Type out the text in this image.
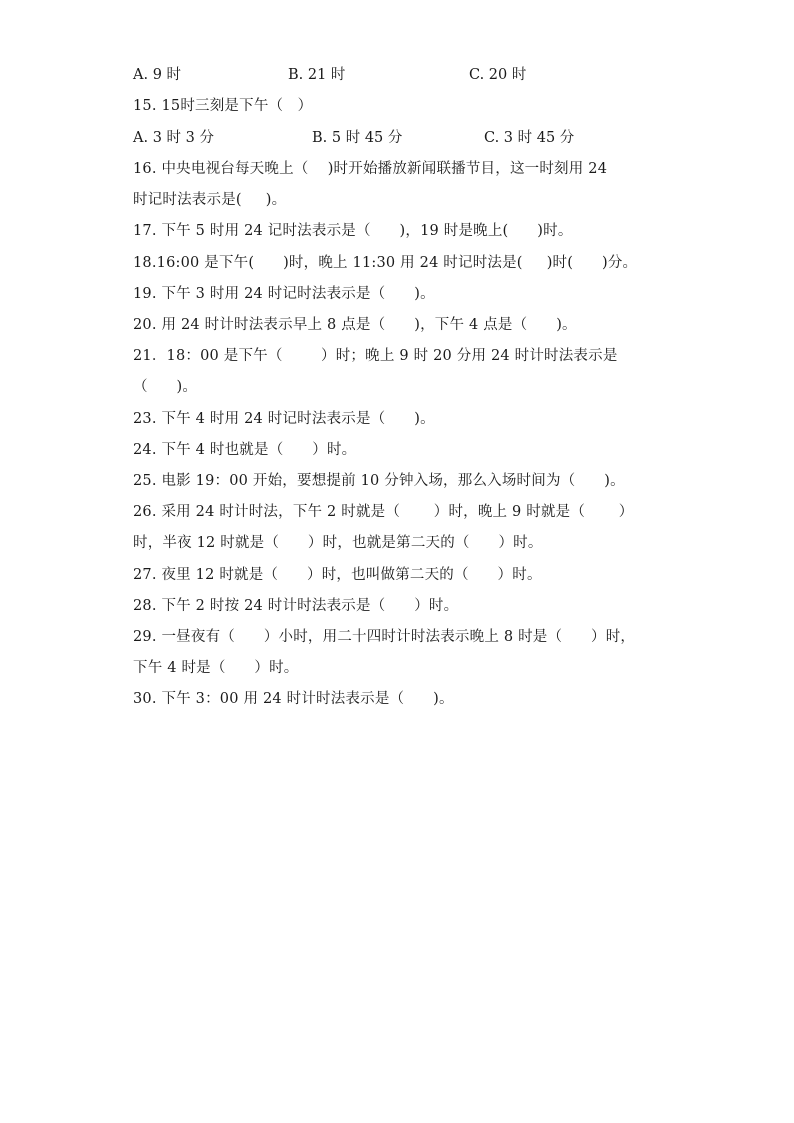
A. 9 时	B. 21 时	C. 20 时
15. 15时三刻是下午（   ）
A. 3 时 3 分	B. 5 时 45 分	C. 3 时 45 分
16. 中央电视台每天晚上（    )时开始播放新闻联播节目，这一时刻用 24
时记时法表示是(     )。
17. 下午 5 时用 24 记时法表示是（      )，19 时是晚上(      )时。
18.16:00 是下午(      )时，晚上 11:30 用 24 时记时法是(     )时(      )分。
19. 下午 3 时用 24 时记时法表示是（      )。
20. 用 24 时计时法表示早上 8 点是（      )，下午 4 点是（      )。
21．18：00 是下午（        ）时；晚上 9 时 20 分用 24 时计时法表示是
（      )。
23. 下午 4 时用 24 时记时法表示是（      )。
24. 下午 4 时也就是（      ）时。
25. 电影 19：00 开始，要想提前 10 分钟入场，那么入场时间为（      )。
26. 采用 24 时计时法，下午 2 时就是（       ）时，晚上 9 时就是（       ）
时，半夜 12 时就是（      ）时，也就是第二天的（      ）时。
27. 夜里 12 时就是（      ）时，也叫做第二天的（      ）时。
28. 下午 2 时按 24 时计时法表示是（      ）时。
29. 一昼夜有（      ）小时，用二十四时计时法表示晚上 8 时是（      ）时，
下午 4 时是（      ）时。
30. 下午 3：00 用 24 时计时法表示是（      )。
